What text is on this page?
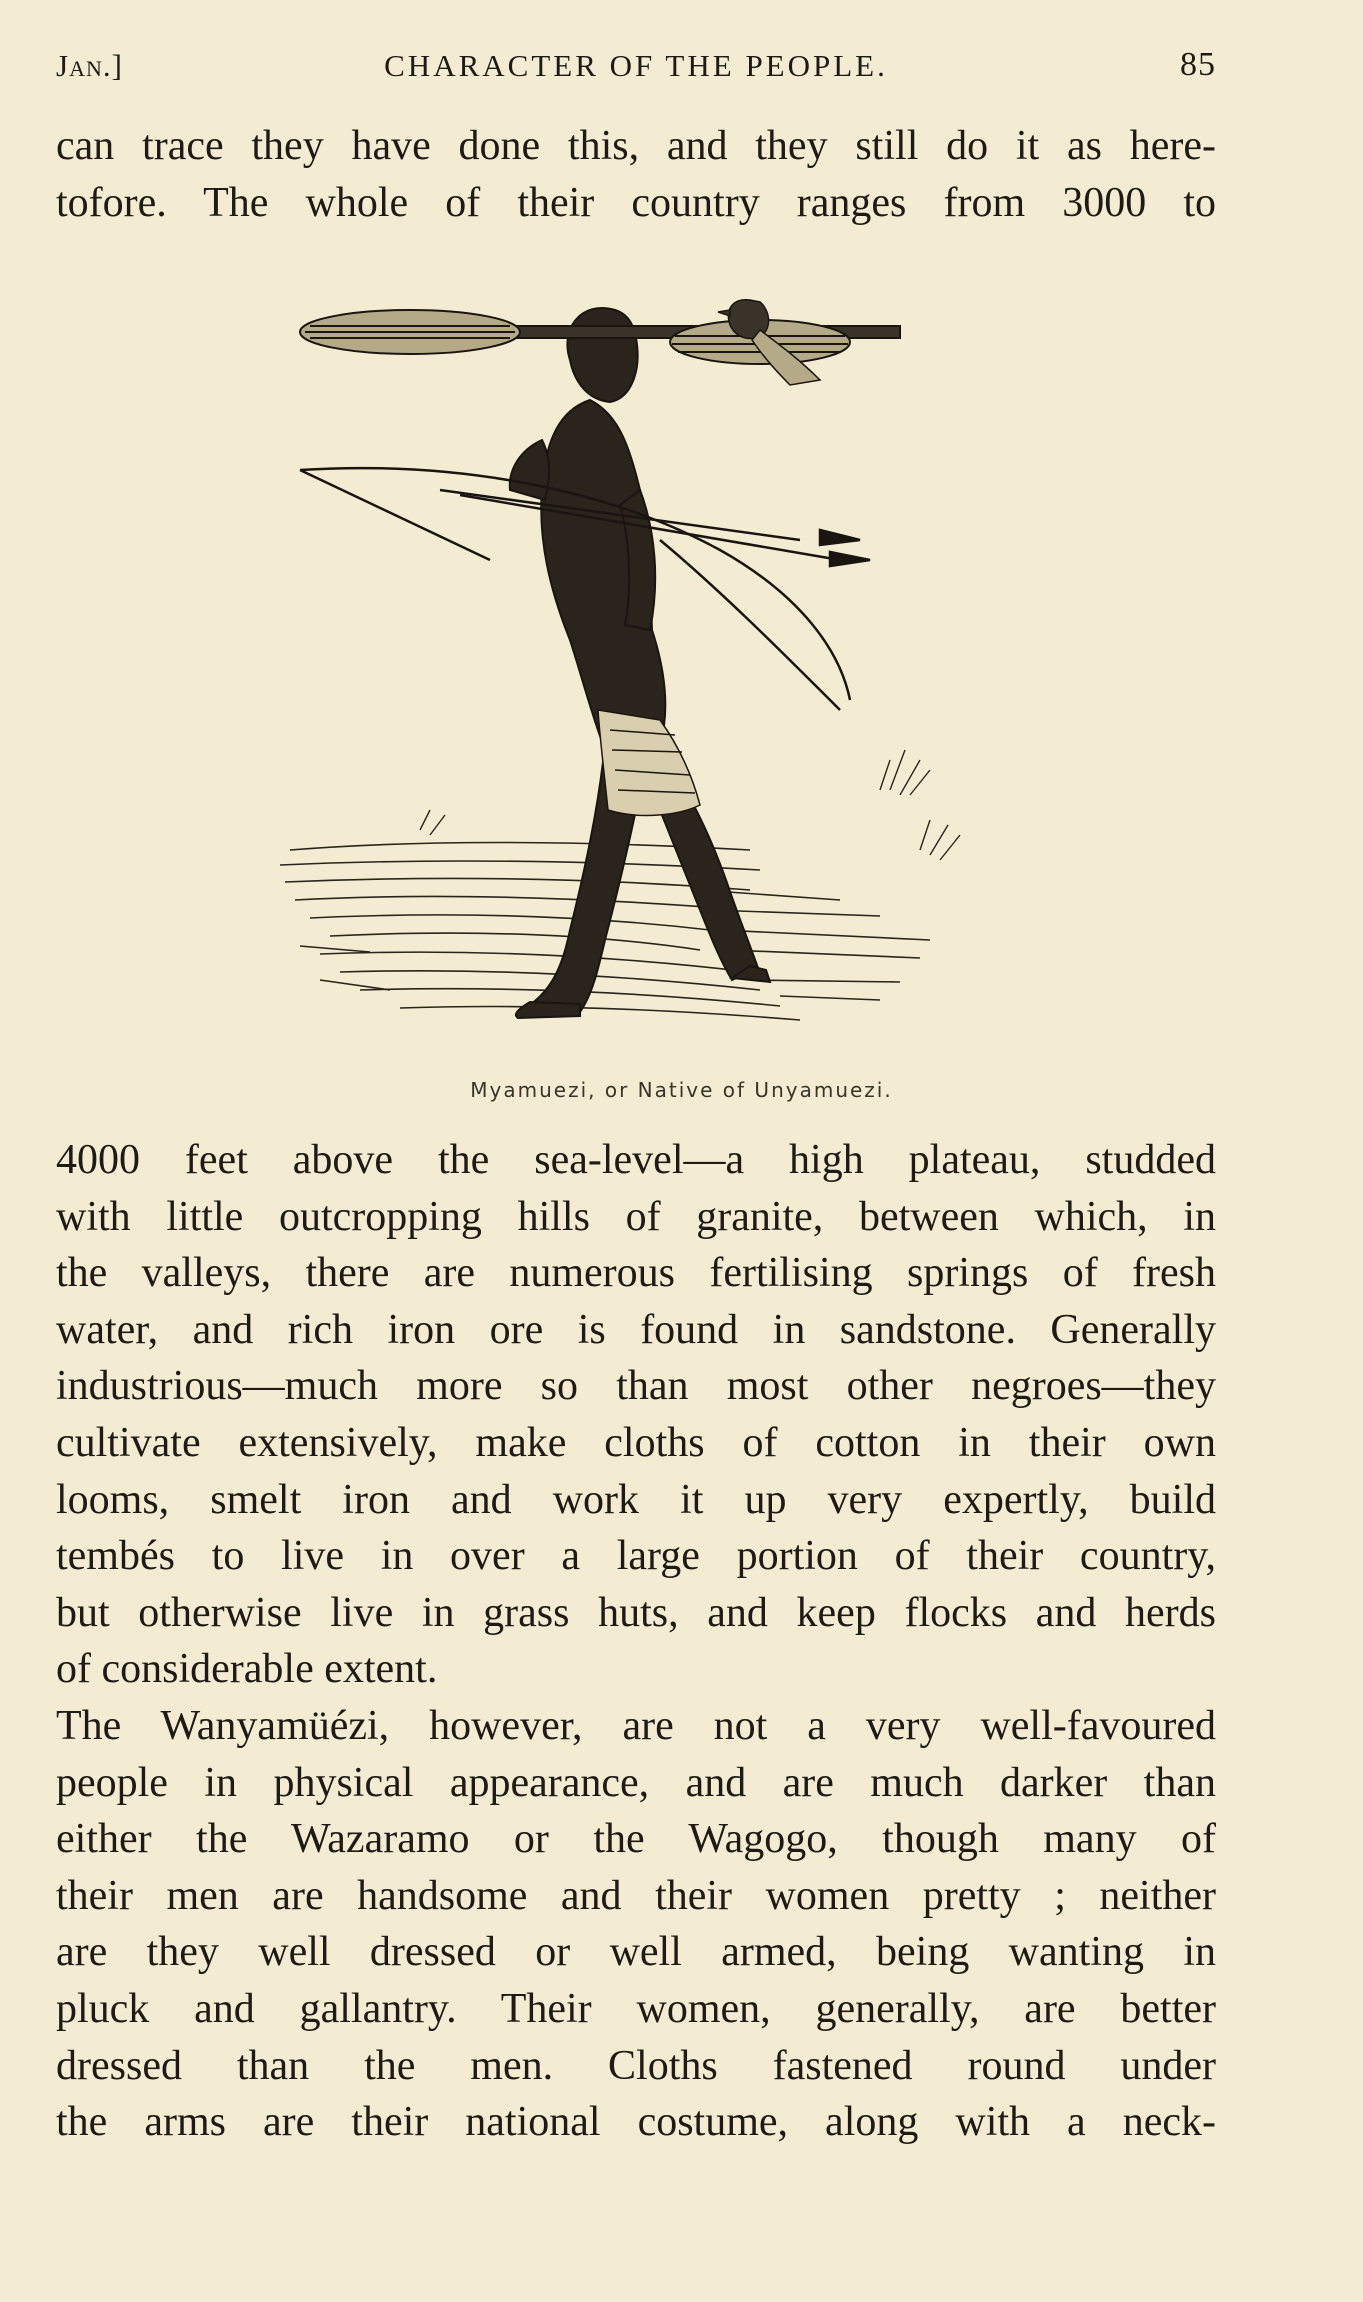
Jan.]	CHARACTER OF THE PEOPLE.	85
can trace they have done this, and they still do it as here-
tofore. The whole of their country ranges from 3000 to
Myamuezi, or Native of Unyamuezi.
4000 feet above the sea-level—a high plateau, studded
with little outcropping hills of granite, between which, in
the valleys, there are numerous fertilising springs of fresh
water, and rich iron ore is found in sandstone. Generally
industrious—much more so than most other negroes—they
cultivate extensively, make cloths of cotton in their own
looms, smelt iron and work it up very expertly, build
tembés to live in over a large portion of their country,
but otherwise live in grass huts, and keep flocks and herds
of considerable extent.
The Wanyamüézi, however, are not a very well-favoured
people in physical appearance, and are much darker than
either the Wazaramo or the Wagogo, though many of
their men are handsome and their women pretty ; neither
are they well dressed or well armed, being wanting in
pluck and gallantry. Their women, generally, are better
dressed than the men. Cloths fastened round under
the arms are their national costume, along with a neck-
